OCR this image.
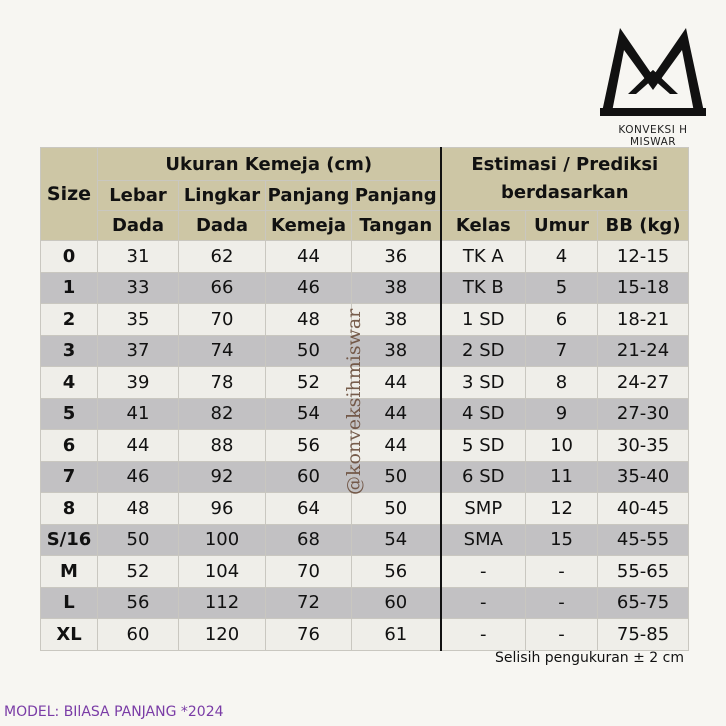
KONVEKSI H MISWAR
Size	Ukuran Kemeja (cm)				Estimasi / Prediksi
berdasarkan		

	Lebar	Lingkar	Panjang	Panjang			
	Dada	Dada	Kemeja	Tangan	Kelas	Umur	BB (kg)
0	31	62	44	36	TK A	4	12-15
1	33	66	46	38	TK B	5	15-18
2	35	70	48	38	1 SD	6	18-21
3	37	74	50	38	2 SD	7	21-24
4	39	78	52	44	3 SD	8	24-27
5	41	82	54	44	4 SD	9	27-30
6	44	88	56	44	5 SD	10	30-35
7	46	92	60	50	6 SD	11	35-40
8	48	96	64	50	SMP	12	40-45
S/16	50	100	68	54	SMA	15	45-55
M	52	104	70	56	-	-	55-65
L	56	112	72	60	-	-	65-75
XL	60	120	76	61	-	-	75-85
@konveksihmiswar
Selisih pengukuran ± 2 cm
MODEL: BIlASA PANJANG *2024
